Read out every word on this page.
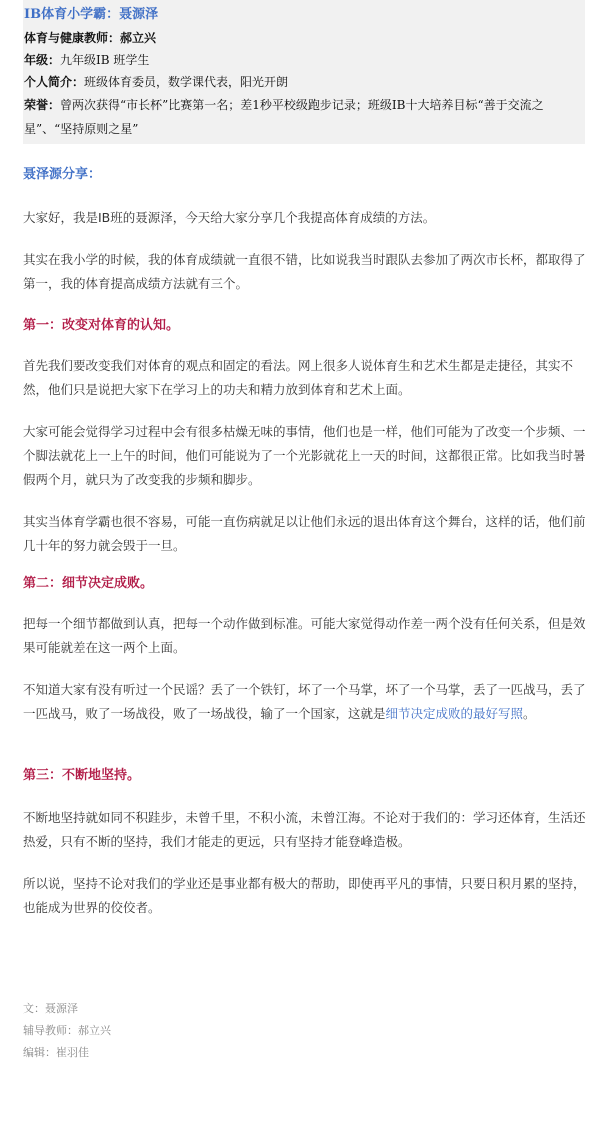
IB体育小学霸：聂源泽
体育与健康教师：郝立兴
年级：九年级IB 班学生
个人简介：班级体育委员，数学课代表，阳光开朗
荣誉：曾两次获得“市长杯”比赛第一名；差1秒平校级跑步记录；班级IB十大培养目标“善于交流之星”、“坚持原则之星”
聂泽源分享：

大家好，我是IB班的聂源泽，今天给大家分享几个我提高体育成绩的方法。

其实在我小学的时候，我的体育成绩就一直很不错，比如说我当时跟队去参加了两次市长杯，都取得了第一，我的体育提高成绩方法就有三个。

第一：改变对体育的认知。

首先我们要改变我们对体育的观点和固定的看法。网上很多人说体育生和艺术生都是走捷径，其实不然，他们只是说把大家下在学习上的功夫和精力放到体育和艺术上面。

大家可能会觉得学习过程中会有很多枯燥无味的事情，他们也是一样，他们可能为了改变一个步频、一个脚法就花上一上午的时间，他们可能说为了一个光影就花上一天的时间，这都很正常。比如我当时暑假两个月，就只为了改变我的步频和脚步。

其实当体育学霸也很不容易，可能一直伤病就足以让他们永远的退出体育这个舞台，这样的话，他们前几十年的努力就会毁于一旦。

第二：细节决定成败。

把每一个细节都做到认真，把每一个动作做到标准。可能大家觉得动作差一两个没有任何关系，但是效果可能就差在这一两个上面。

不知道大家有没有听过一个民谣？丢了一个铁钉，坏了一个马掌，坏了一个马掌，丢了一匹战马，丢了一匹战马，败了一场战役，败了一场战役，输了一个国家，这就是细节决定成败的最好写照。

第三：不断地坚持。

不断地坚持就如同不积跬步，未曾千里，不积小流，未曾江海。不论对于我们的：学习还体育，生活还热爱，只有不断的坚持，我们才能走的更远，只有坚持才能登峰造极。

所以说，坚持不论对我们的学业还是事业都有极大的帮助，即使再平凡的事情，只要日积月累的坚持，也能成为世界的佼佼者。

文：聂源泽
辅导教师：郝立兴
编辑：崔羽佳
